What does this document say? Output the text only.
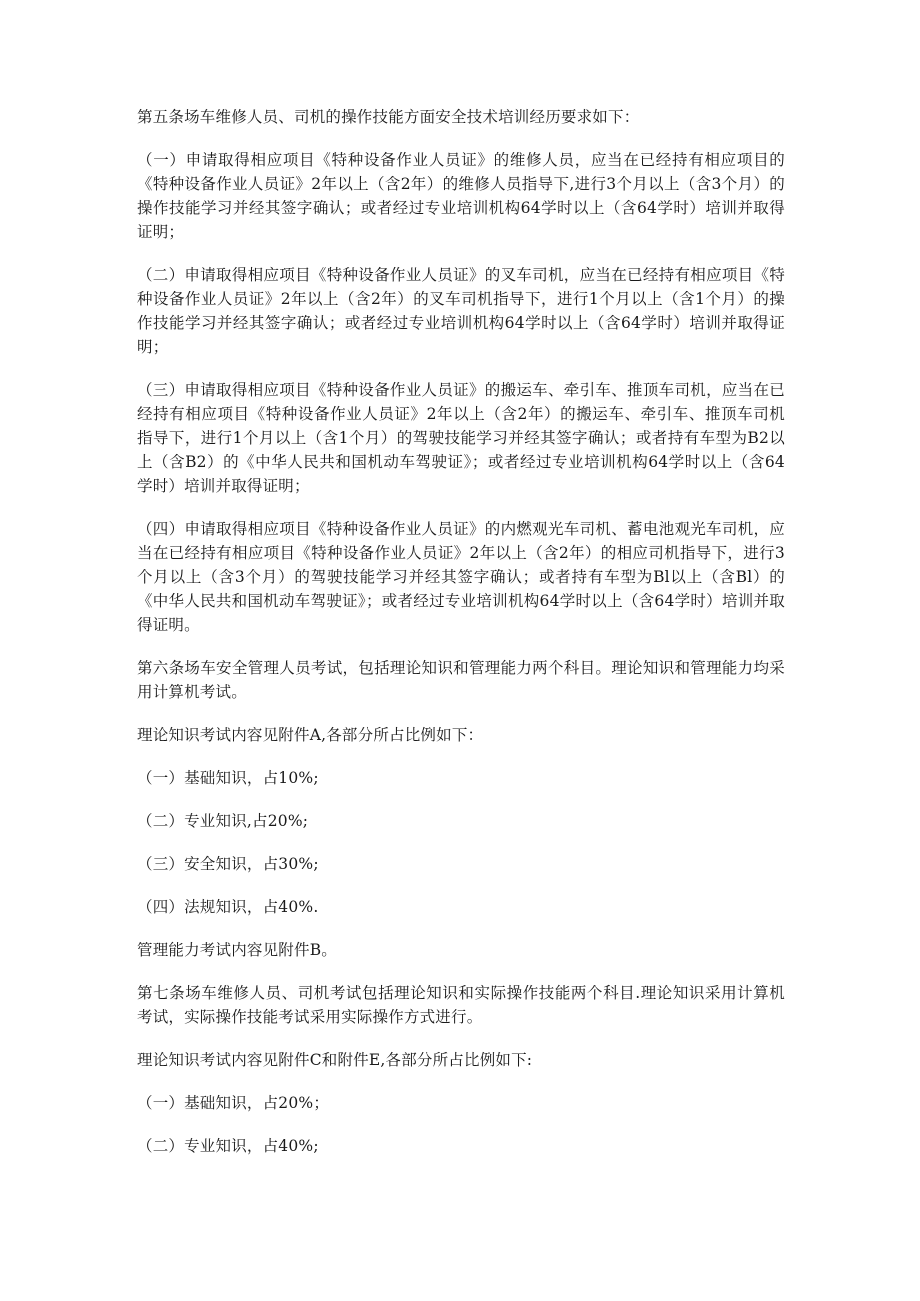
第五条场车维修人员、司机的操作技能方面安全技术培训经历要求如下：

（一）申请取得相应项目《特种设备作业人员证》的维修人员，应当在已经持有相应项目的《特种设备作业人员证》2年以上（含2年）的维修人员指导下,进行3个月以上（含3个月）的操作技能学习并经其签字确认；或者经过专业培训机构64学时以上（含64学时）培训并取得证明；

（二）申请取得相应项目《特种设备作业人员证》的叉车司机，应当在已经持有相应项目《特种设备作业人员证》2年以上（含2年）的叉车司机指导下，进行1个月以上（含1个月）的操作技能学习并经其签字确认；或者经过专业培训机构64学时以上（含64学时）培训并取得证明；

（三）申请取得相应项目《特种设备作业人员证》的搬运车、牵引车、推顶车司机，应当在已经持有相应项目《特种设备作业人员证》2年以上（含2年）的搬运车、牵引车、推顶车司机指导下，进行1个月以上（含1个月）的驾驶技能学习并经其签字确认；或者持有车型为B2以上（含B2）的《中华人民共和国机动车驾驶证》；或者经过专业培训机构64学时以上（含64学时）培训并取得证明；

（四）申请取得相应项目《特种设备作业人员证》的内燃观光车司机、蓄电池观光车司机，应当在已经持有相应项目《特种设备作业人员证》2年以上（含2年）的相应司机指导下，进行3个月以上（含3个月）的驾驶技能学习并经其签字确认；或者持有车型为Bl以上（含Bl）的《中华人民共和国机动车驾驶证》；或者经过专业培训机构64学时以上（含64学时）培训并取得证明。

第六条场车安全管理人员考试，包括理论知识和管理能力两个科目。理论知识和管理能力均采用计算机考试。

理论知识考试内容见附件A,各部分所占比例如下：

（一）基础知识，占10%;

（二）专业知识,占20%;

（三）安全知识，占30%;

（四）法规知识，占40%.

管理能力考试内容见附件B。

第七条场车维修人员、司机考试包括理论知识和实际操作技能两个科目.理论知识采用计算机考试，实际操作技能考试采用实际操作方式进行。

理论知识考试内容见附件C和附件E,各部分所占比例如下:

（一）基础知识，占20%；

（二）专业知识，占40%;
